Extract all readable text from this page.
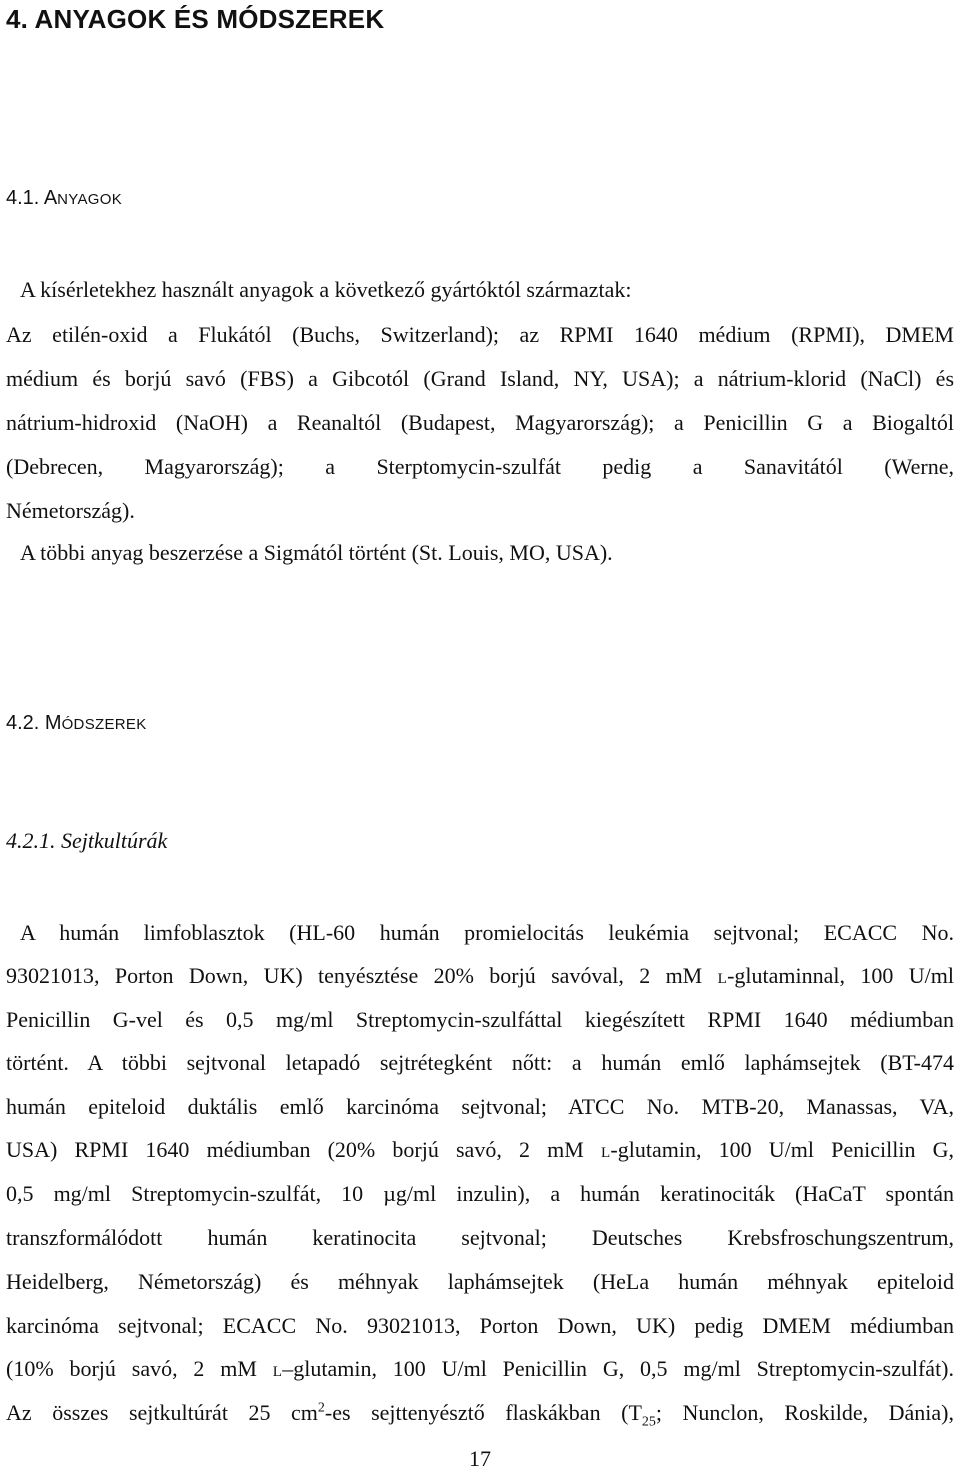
4. ANYAGOK ÉS MÓDSZEREK
4.1. ANYAGOK

A kísérletekhez használt anyagok a következő gyártóktól származtak:

Az etilén-oxid a Flukától (Buchs, Switzerland); az RPMI 1640 médium (RPMI), DMEM

médium és borjú savó (FBS) a Gibcotól (Grand Island, NY, USA); a nátrium-klorid (NaCl) és

nátrium-hidroxid (NaOH) a Reanaltól (Budapest, Magyarország); a Penicillin G a Biogaltól

(Debrecen, Magyarország); a Sterptomycin-szulfát pedig a Sanavitától (Werne,

Németország).

A többi anyag beszerzése a Sigmától történt (St. Louis, MO, USA).

4.2. MÓDSZEREK
4.2.1. Sejtkultúrák

A humán limfoblasztok (HL-60 humán promielocitás leukémia sejtvonal; ECACC No.

93021013, Porton Down, UK) tenyésztése 20% borjú savóval, 2 mM L-glutaminnal, 100 U/ml

Penicillin G-vel és 0,5 mg/ml Streptomycin-szulfáttal kiegészített RPMI 1640 médiumban

történt. A többi sejtvonal letapadó sejtrétegként nőtt: a humán emlő laphámsejtek (BT-474

humán epiteloid duktális emlő karcinóma sejtvonal; ATCC No. MTB-20, Manassas, VA,

USA) RPMI 1640 médiumban (20% borjú savó, 2 mM L-glutamin, 100 U/ml Penicillin G,

0,5 mg/ml Streptomycin-szulfát, 10 µg/ml inzulin), a humán keratinociták (HaCaT spontán

transzformálódott humán keratinocita sejtvonal; Deutsches Krebsfroschungszentrum,

Heidelberg, Németország) és méhnyak laphámsejtek (HeLa humán méhnyak epiteloid

karcinóma sejtvonal; ECACC No. 93021013, Porton Down, UK) pedig DMEM médiumban

(10% borjú savó, 2 mM L–glutamin, 100 U/ml Penicillin G, 0,5 mg/ml Streptomycin-szulfát).

Az összes sejtkultúrát 25 $cm^2-es$ sejttenyésztő flaskákban ($T_{25}$; Nunclon, Roskilde, Dánia),

17
